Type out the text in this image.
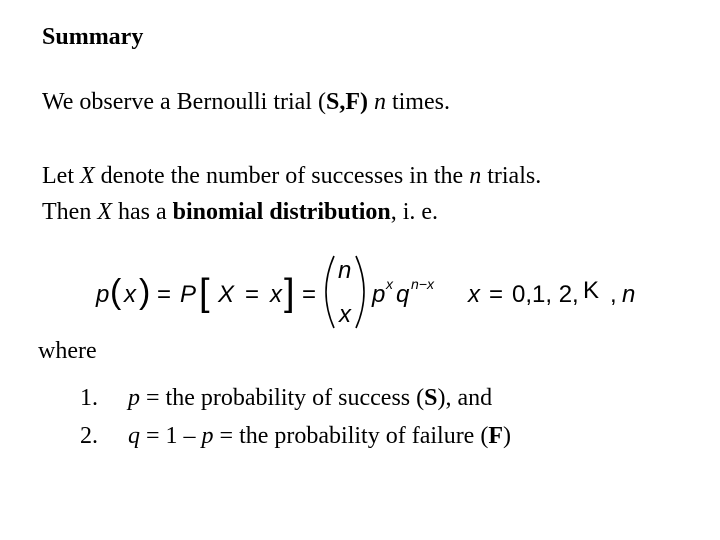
Summary
We observe a Bernoulli trial (S,F) n times.
Let X denote the number of successes in the n trials.
Then X has a binomial distribution, i. e.
p ( x ) = P [ X = x ] =
n
x
p x q n−x x = 0,1, 2, K , n
where
1. p = the probability of success (S), and
2. q = 1 – p = the probability of failure (F)
